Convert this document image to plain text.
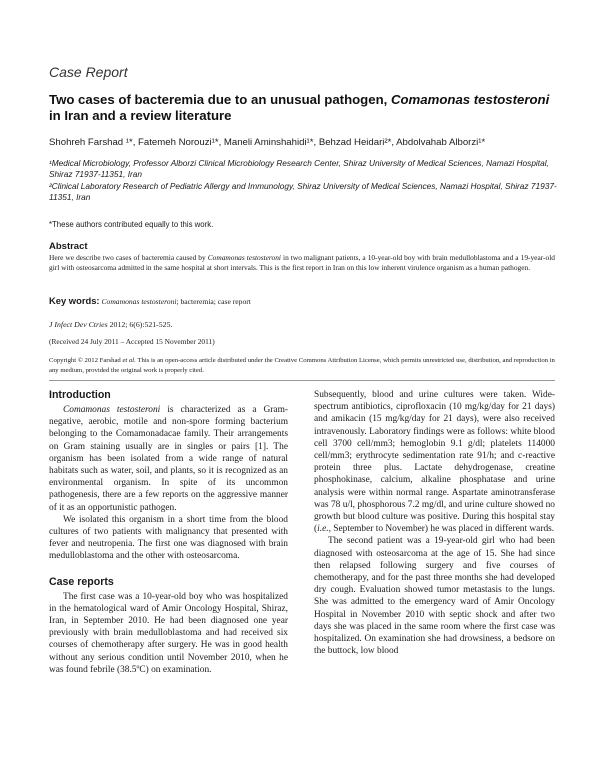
Case Report
Two cases of bacteremia due to an unusual pathogen, Comamonas testosteroni in Iran and a review literature
Shohreh Farshad ¹*, Fatemeh Norouzi¹*, Maneli Aminshahidi¹*, Behzad Heidari²*, Abdolvahab Alborzi¹*
¹Medical Microbiology, Professor Alborzi Clinical Microbiology Research Center, Shiraz University of Medical Sciences, Namazi Hospital, Shiraz 71937-11351, Iran
²Clinical Laboratory Research of Pediatric Allergy and Immunology, Shiraz University of Medical Sciences, Namazi Hospital, Shiraz 71937-11351, Iran
*These authors contributed equally to this work.
Abstract
Here we describe two cases of bacteremia caused by Comamonas testosteroni in two malignant patients, a 10-year-old boy with brain medulloblastoma and a 19-year-old girl with osteosarcoma admitted in the same hospital at short intervals. This is the first report in Iran on this low inherent virulence organism as a human pathogen.
Key words: Comamonas testosteroni; bacteremia; case report
J Infect Dev Ctries 2012; 6(6):521-525.
(Received 24 July 2011 – Accepted 15 November 2011)
Copyright © 2012 Farshad et al. This is an open-access article distributed under the Creative Commons Attribution License, which permits unrestricted use, distribution, and reproduction in any medium, provided the original work is properly cited.
Introduction

Comamonas testosteroni is characterized as a Gram-negative, aerobic, motile and non-spore forming bacterium belonging to the Comamonadacae family. Their arrangements on Gram staining usually are in singles or pairs [1]. The organism has been isolated from a wide range of natural habitats such as water, soil, and plants, so it is recognized as an environmental organism. In spite of its uncommon pathogenesis, there are a few reports on the aggressive manner of it as an opportunistic pathogen.

We isolated this organism in a short time from the blood cultures of two patients with malignancy that presented with fever and neutropenia. The first one was diagnosed with brain medulloblastoma and the other with osteosarcoma.

Case reports

The first case was a 10-year-old boy who was hospitalized in the hematological ward of Amir Oncology Hospital, Shiraz, Iran, in September 2010. He had been diagnosed one year previously with brain medulloblastoma and had received six courses of chemotherapy after surgery. He was in good health without any serious condition until November 2010, when he was found febrile (38.5ºC) on examination.

Subsequently, blood and urine cultures were taken. Wide-spectrum antibiotics, ciprofloxacin (10 mg/kg/day for 21 days) and amikacin (15 mg/kg/day for 21 days), were also received intravenously. Laboratory findings were as follows: white blood cell 3700 cell/mm3; hemoglobin 9.1 g/dl; platelets 114000 cell/mm3; erythrocyte sedimentation rate 91/h; and c-reactive protein three plus. Lactate dehydrogenase, creatine phosphokinase, calcium, alkaline phosphatase and urine analysis were within normal range. Aspartate aminotransferase was 78 u/l, phosphorous 7.2 mg/dl, and urine culture showed no growth but blood culture was positive. During this hospital stay (i.e., September to November) he was placed in different wards.

The second patient was a 19-year-old girl who had been diagnosed with osteosarcoma at the age of 15. She had since then relapsed following surgery and five courses of chemotherapy, and for the past three months she had developed dry cough. Evaluation showed tumor metastasis to the lungs. She was admitted to the emergency ward of Amir Oncology Hospital in November 2010 with septic shock and after two days she was placed in the same room where the first case was hospitalized. On examination she had drowsiness, a bedsore on the buttock, low blood
